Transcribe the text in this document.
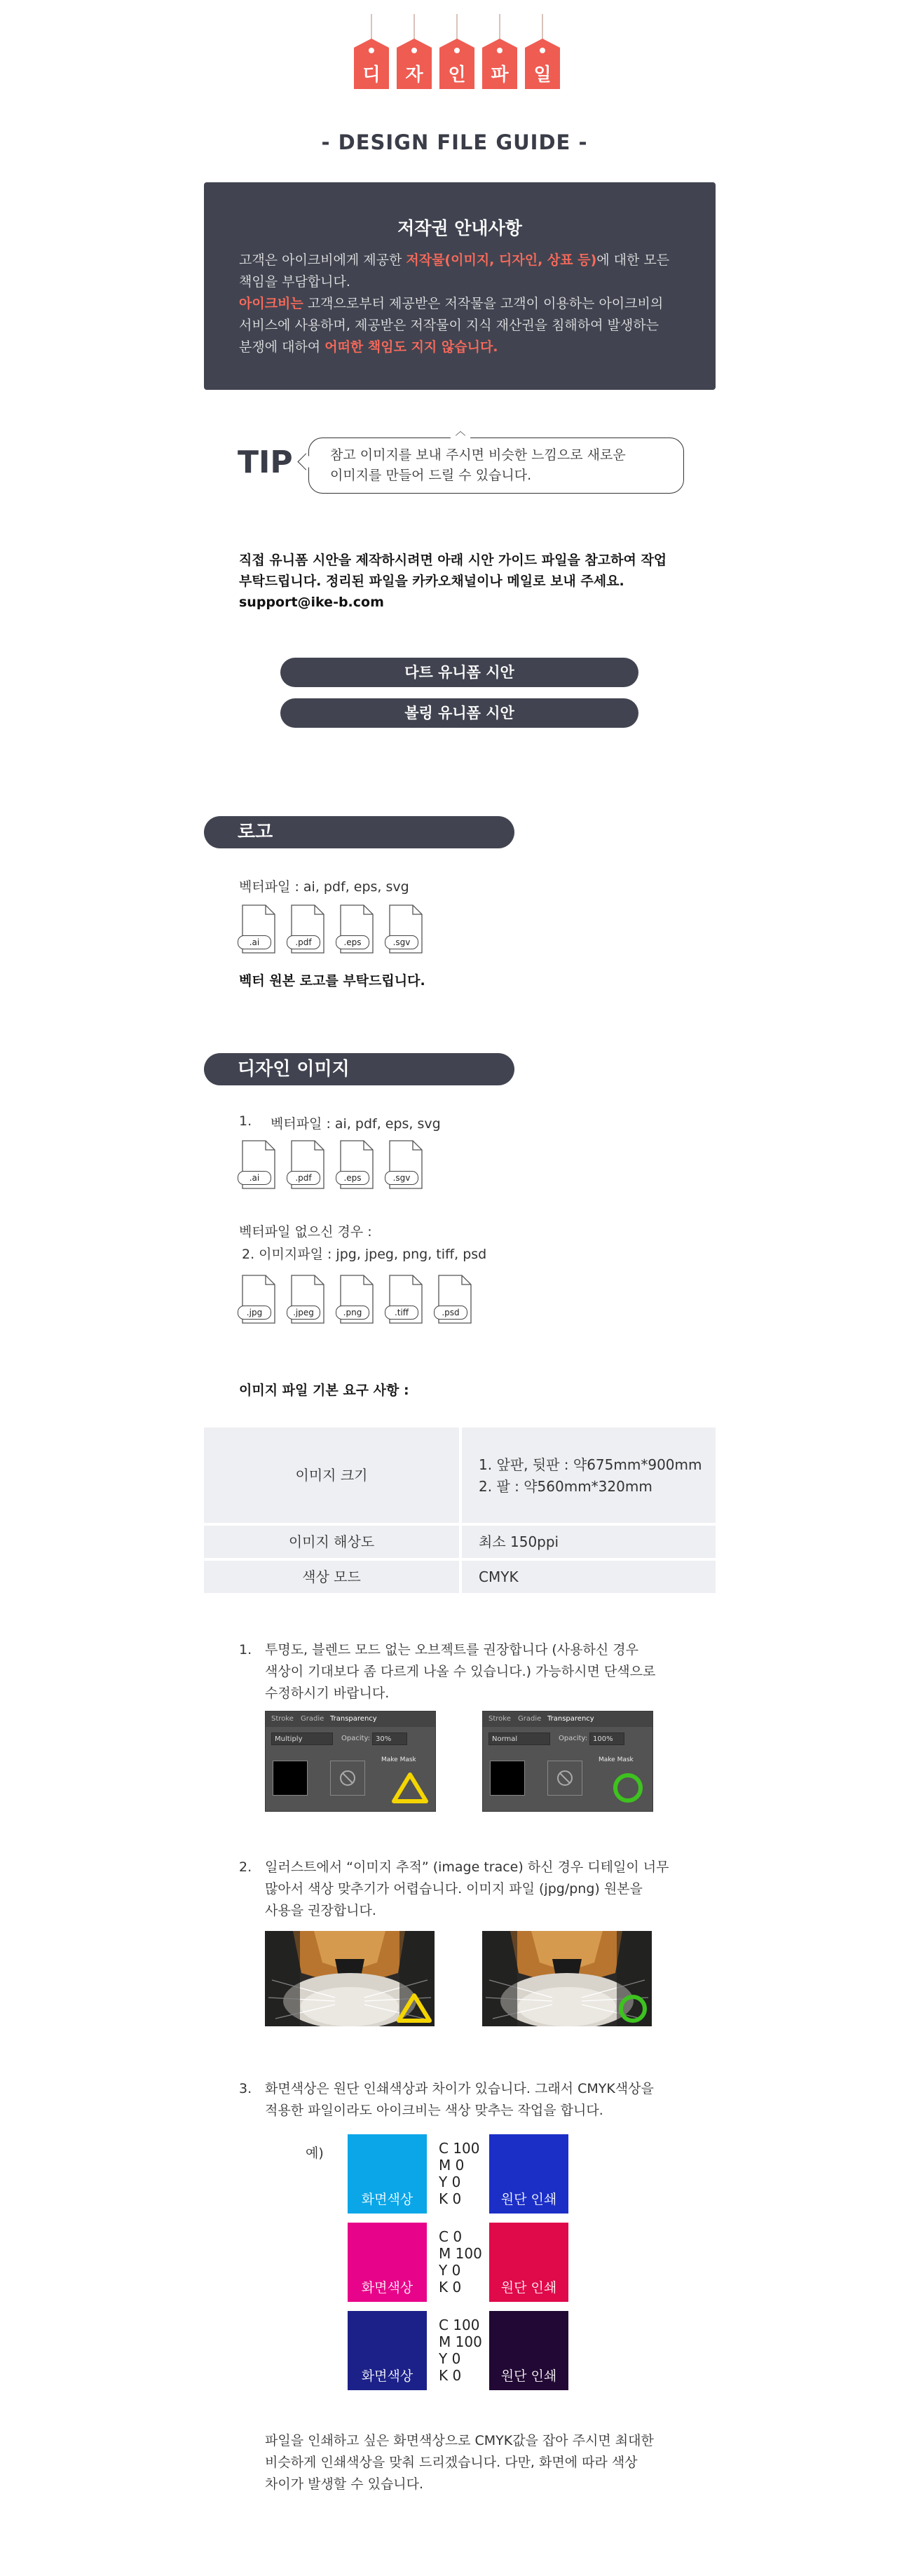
디	자	인	파	일
- DESIGN FILE GUIDE -
저작권 안내사항
고객은 아이크비에게 제공한 저작물(이미지, 디자인, 상표 등)에 대한 모든
책임을 부담합니다.
아이크비는 고객으로부터 제공받은 저작물을 고객이 이용하는 아이크비의
서비스에 사용하며, 제공받은 저작물이 지식 재산권을 침해하여 발생하는
분쟁에 대하여 어떠한 책임도 지지 않습니다.
TIP	참고 이미지를 보내 주시면 비슷한 느낌으로 새로운
이미지를 만들어 드릴 수 있습니다.
︿
직접 유니폼 시안을 제작하시려면 아래 시안 가이드 파일을 참고하여 작업
부탁드립니다. 정리된 파일을 카카오채널이나 메일로 보내 주세요.
support@ike-b.com
다트 유니폼 시안
볼링 유니폼 시안
로고
벡터파일 : ai, pdf, eps, svg
.ai	.pdf	.eps	.sgv
벡터 원본 로고를 부탁드립니다.
디자인 이미지
1. 벡터파일 : ai, pdf, eps, svg
.ai	.pdf	.eps	.sgv
벡터파일 없으신 경우 :
2. 이미지파일 : jpg, jpeg, png, tiff, psd
.jpg	.jpeg	.png	.tiff	.psd
이미지 파일 기본 요구 사항 :
이미지 크기
1. 앞판, 뒷판 : 약675mm*900mm
2. 팔 : 약560mm*320mm
이미지 해상도	최소 150ppi
색상 모드	CMYK
1. 투명도, 블렌드 모드 없는 오브젝트를 권장합니다 (사용하신 경우
색상이 기대보다 좀 다르게 나올 수 있습니다.) 가능하시면 단색으로
수정하시기 바랍니다.
Stroke Gradie Transparency
Multiply	Opacity: 30%
Make Mask
Stroke Gradie Transparency
Normal	Opacity: 100%
Make Mask
2. 일러스트에서 “이미지 추적” (image trace) 하신 경우 디테일이 너무
많아서 색상 맞추기가 어렵습니다. 이미지 파일 (jpg/png) 원본을
사용을 권장합니다.
3. 화면색상은 원단 인쇄색상과 차이가 있습니다. 그래서 CMYK색상을
적용한 파일이라도 아이크비는 색상 맞추는 작업을 합니다.
예)
화면색상
C 100
M 0
Y 0
K 0	원단 인쇄
화면색상
C 0
M 100
Y 0
K 0	원단 인쇄
화면색상
C 100
M 100
Y 0
K 0	원단 인쇄
파일을 인쇄하고 싶은 화면색상으로 CMYK값을 잡아 주시면 최대한
비슷하게 인쇄색상을 맞춰 드리겠습니다. 다만, 화면에 따라 색상
차이가 발생할 수 있습니다.
